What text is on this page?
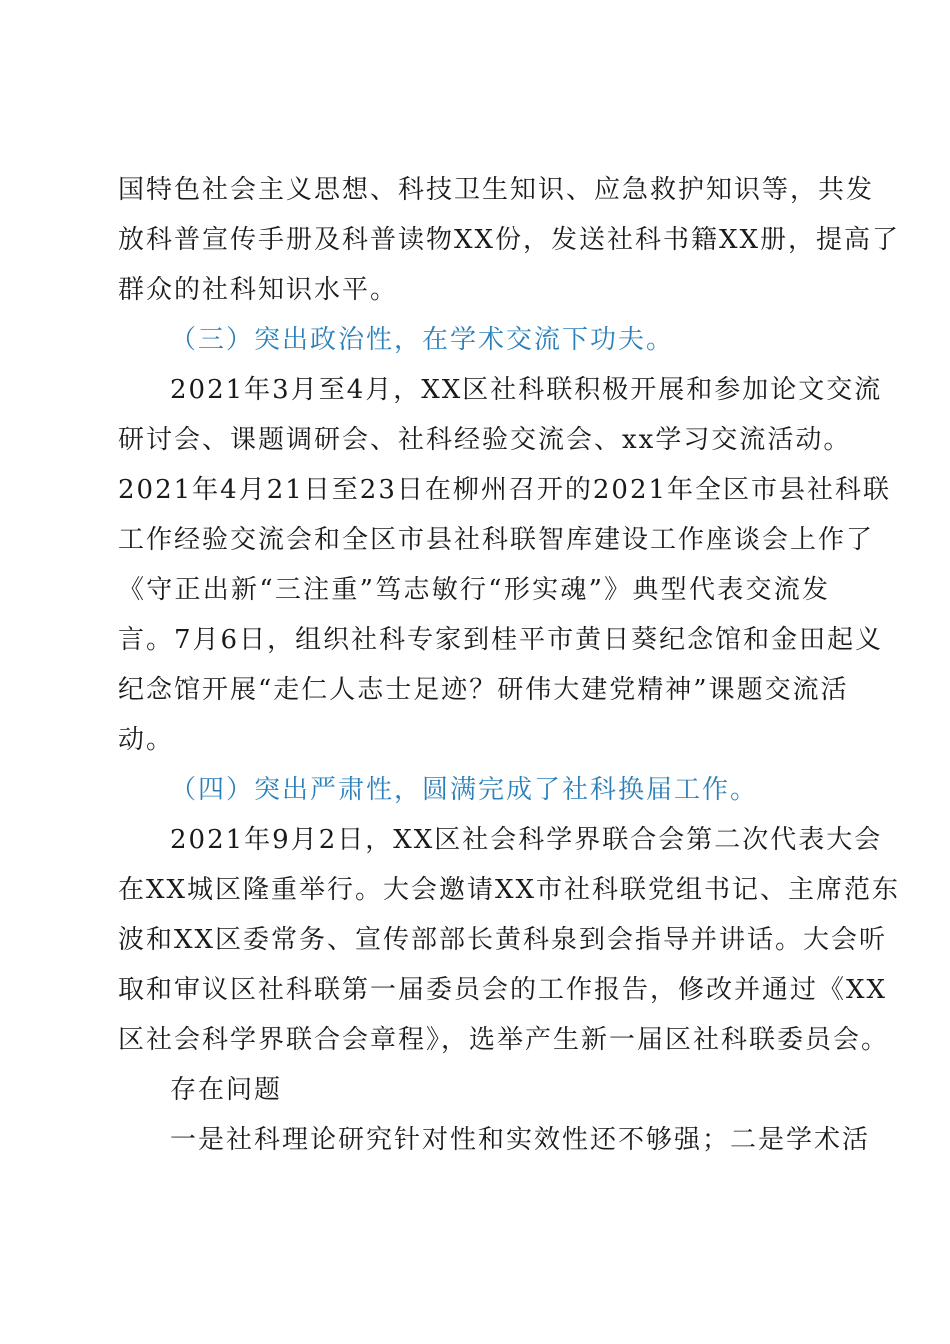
国特色社会主义思想、科技卫生知识、应急救护知识等，共发
放科普宣传手册及科普读物XX份，发送社科书籍XX册，提高了
群众的社科知识水平。
（三）突出政治性，在学术交流下功夫。
2021年3月至4月，XX区社科联积极开展和参加论文交流
研讨会、课题调研会、社科经验交流会、xx学习交流活动。
2021年4月21日至23日在柳州召开的2021年全区市县社科联
工作经验交流会和全区市县社科联智库建设工作座谈会上作了
《守正出新“三注重”笃志敏行“形实魂”》典型代表交流发
言。7月6日，组织社科专家到桂平市黄日葵纪念馆和金田起义
纪念馆开展“走仁人志士足迹？研伟大建党精神”课题交流活
动。
（四）突出严肃性，圆满完成了社科换届工作。
2021年9月2日，XX区社会科学界联合会第二次代表大会
在XX城区隆重举行。大会邀请XX市社科联党组书记、主席范东
波和XX区委常务、宣传部部长黄科泉到会指导并讲话。大会听
取和审议区社科联第一届委员会的工作报告，修改并通过《XX
区社会科学界联合会章程》，选举产生新一届区社科联委员会。
存在问题
一是社科理论研究针对性和实效性还不够强；二是学术活
